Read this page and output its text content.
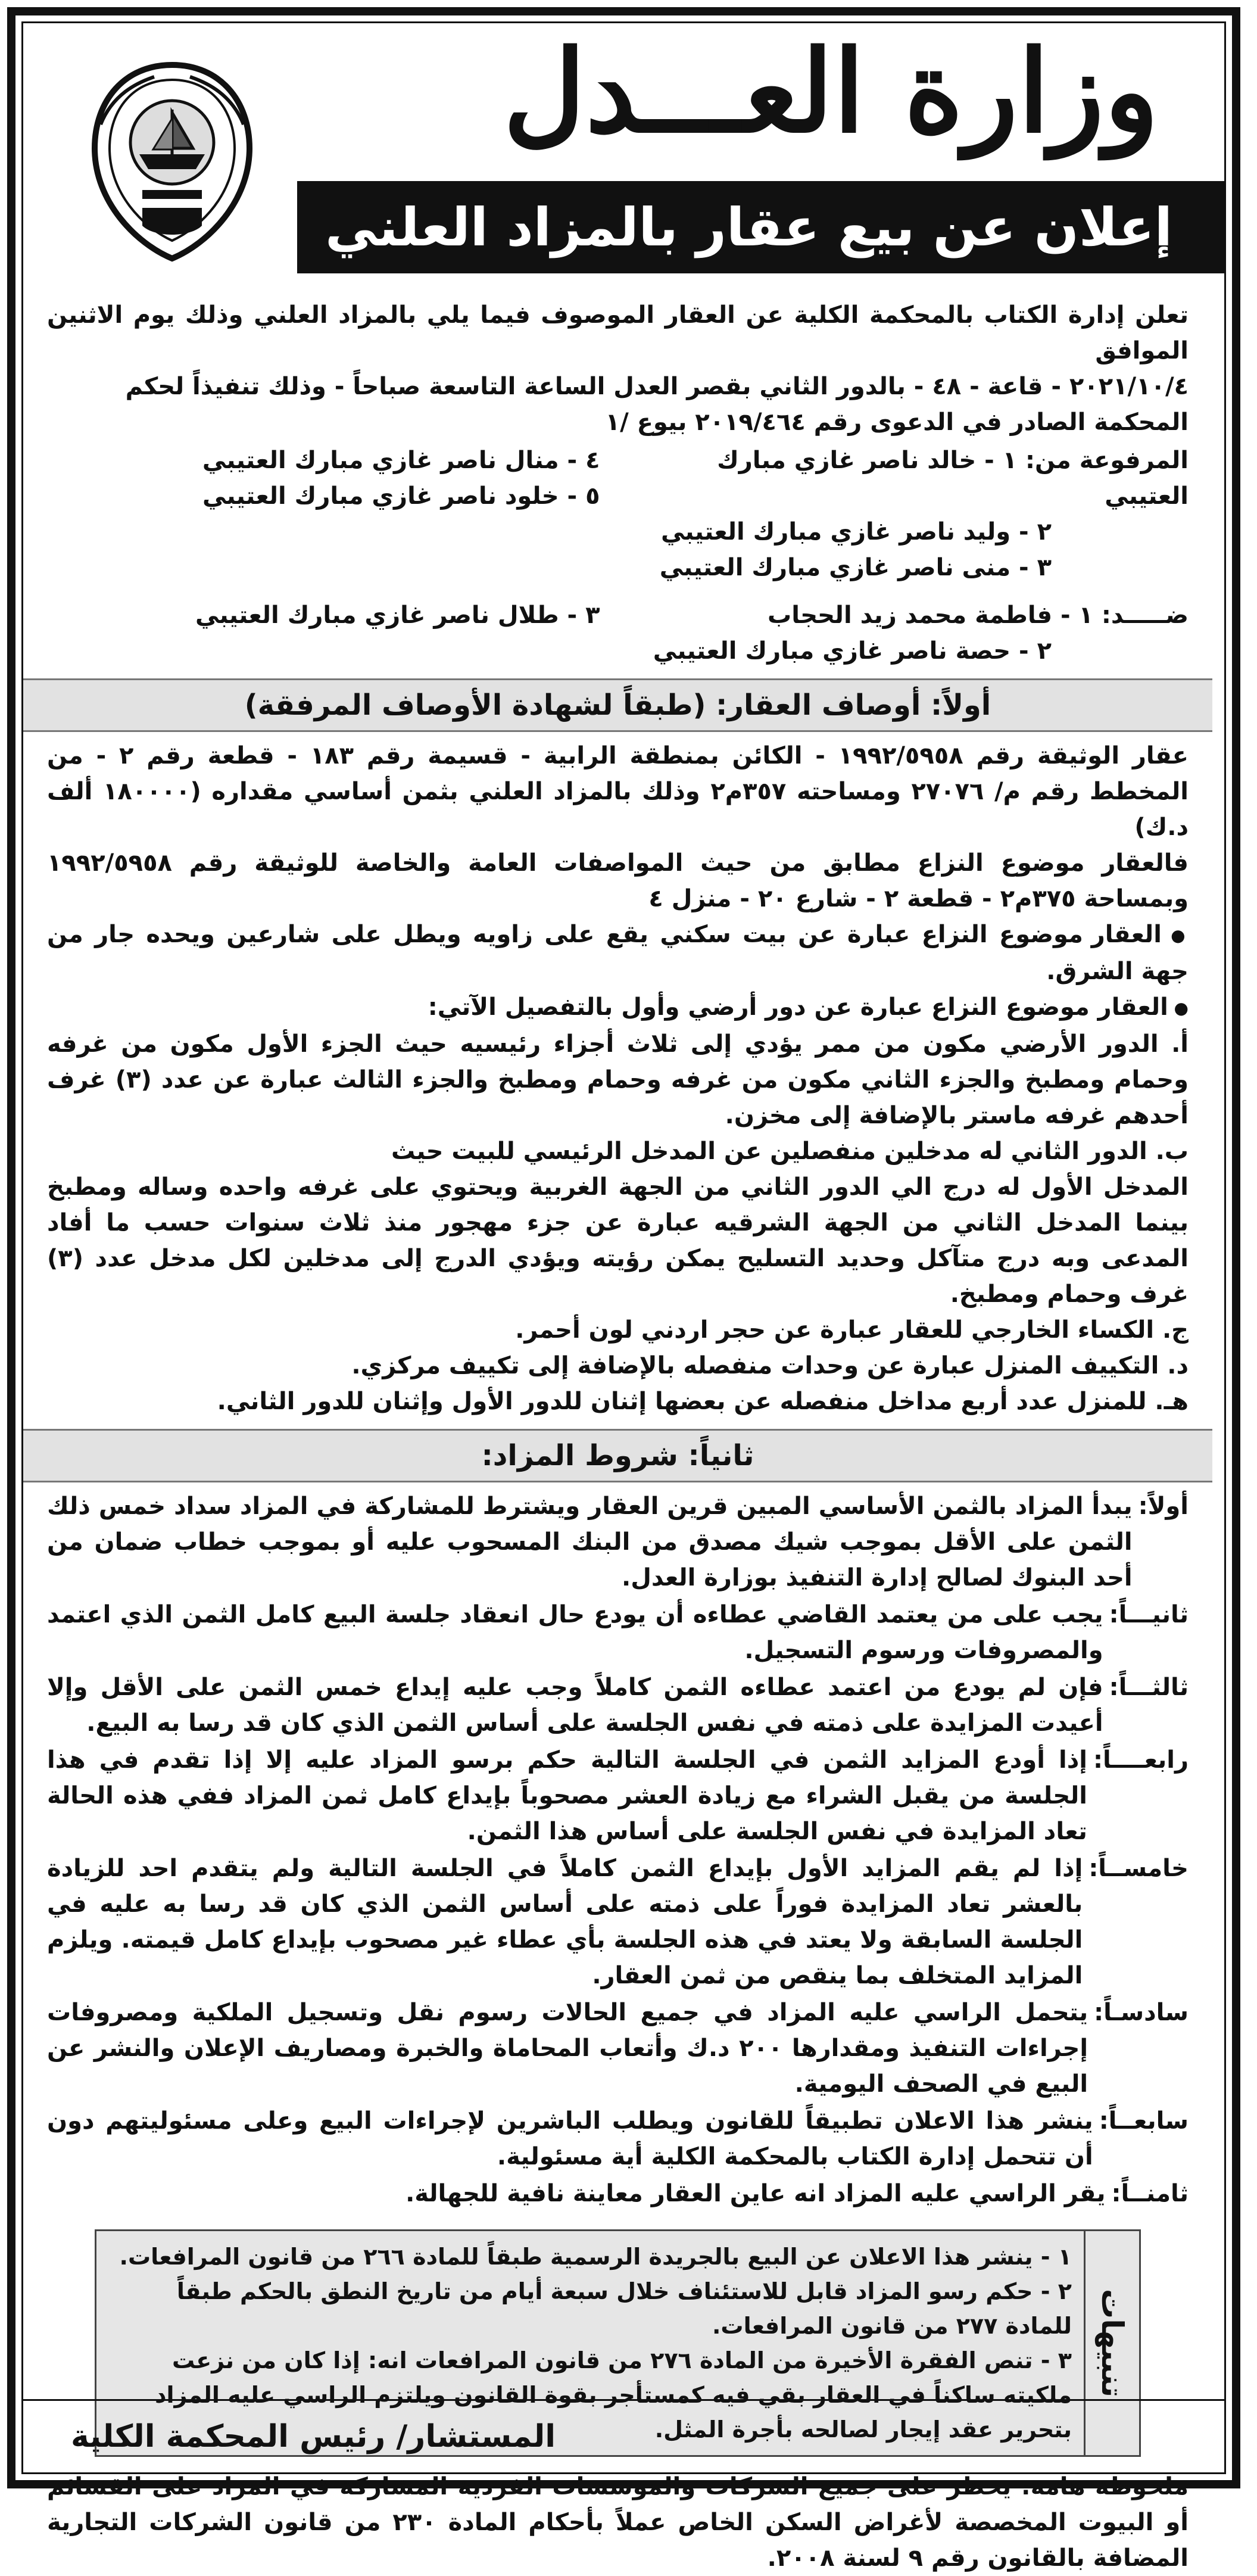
وزارة العـــدل
إعلان عن بيع عقار بالمزاد العلني

تعلن إدارة الكتاب بالمحكمة الكلية عن العقار الموصوف فيما يلي بالمزاد العلني وذلك يوم الاثنين الموافق

٢٠٢١/١٠/٤ - قاعة - ٤٨ - بالدور الثاني بقصر العدل الساعة التاسعة صباحاً - وذلك تنفيذاً لحكم

المحكمة الصادر في الدعوى رقم ٢٠١٩/٤٦٤ بيوع /١

المرفوعة من: ١ - خالد ناصر غازي مبارك العتيبي
٢ - وليد ناصر غازي مبارك العتيبي
٣ - منى ناصر غازي مبارك العتيبي
٤ - منال ناصر غازي مبارك العتيبي
٥ - خلود ناصر غازي مبارك العتيبي
ضـــــد: ١ - فاطمة محمد زيد الحجاب
٢ - حصة ناصر غازي مبارك العتيبي
٣ - طلال ناصر غازي مبارك العتيبي
أولاً: أوصاف العقار: (طبقاً لشهادة الأوصاف المرفقة)

عقار الوثيقة رقم ١٩٩٢/٥٩٥٨ - الكائن بمنطقة الرابية - قسيمة رقم ١٨٣ - قطعة رقم ٢ - من المخطط رقم م/ ٢٧٠٧٦ ومساحته ٣٥٧م٢ وذلك بالمزاد العلني بثمن أساسي مقداره (١٨٠٠٠٠ ألف د.ك)

فالعقار موضوع النزاع مطابق من حيث المواصفات العامة والخاصة للوثيقة رقم ١٩٩٢/٥٩٥٨ وبمساحة ٣٧٥م٢ - قطعة ٢ - شارع ٢٠ - منزل ٤

● العقار موضوع النزاع عبارة عن بيت سكني يقع على زاويه ويطل على شارعين ويحده جار من جهة الشرق.

● العقار موضوع النزاع عبارة عن دور أرضي وأول بالتفصيل الآتي:

أ. الدور الأرضي مكون من ممر يؤدي إلى ثلاث أجزاء رئيسيه حيث الجزء الأول مكون من غرفه وحمام ومطبخ والجزء الثاني مكون من غرفه وحمام ومطبخ والجزء الثالث عبارة عن عدد (٣) غرف أحدهم غرفه ماستر بالإضافة إلى مخزن.

ب. الدور الثاني له مدخلين منفصلين عن المدخل الرئيسي للبيت حيث

المدخل الأول له درج الي الدور الثاني من الجهة الغربية ويحتوي على غرفه واحده وساله ومطبخ بينما المدخل الثاني من الجهة الشرقيه عبارة عن جزء مهجور منذ ثلاث سنوات حسب ما أفاد المدعى وبه درج متآكل وحديد التسليح يمكن رؤيته ويؤدي الدرج إلى مدخلين لكل مدخل عدد (٣) غرف وحمام ومطبخ.

ج. الكساء الخارجي للعقار عبارة عن حجر اردني لون أحمر.

د. التكييف المنزل عبارة عن وحدات منفصله بالإضافة إلى تكييف مركزي.

هـ. للمنزل عدد أربع مداخل منفصله عن بعضها إثنان للدور الأول وإثنان للدور الثاني.

ثانياً: شروط المزاد:
أولاً:
يبدأ المزاد بالثمن الأساسي المبين قرين العقار ويشترط للمشاركة في المزاد سداد خمس ذلك الثمن على الأقل بموجب شيك مصدق من البنك المسحوب عليه أو بموجب خطاب ضمان من أحد البنوك لصالح إدارة التنفيذ بوزارة العدل.
ثانيـــاً:
يجب على من يعتمد القاضي عطاءه أن يودع حال انعقاد جلسة البيع كامل الثمن الذي اعتمد والمصروفات ورسوم التسجيل.
ثالثـــاً:
فإن لم يودع من اعتمد عطاءه الثمن كاملاً وجب عليه إيداع خمس الثمن على الأقل وإلا أعيدت المزايدة على ذمته في نفس الجلسة على أساس الثمن الذي كان قد رسا به البيع.
رابعــــاً:
إذا أودع المزايد الثمن في الجلسة التالية حكم برسو المزاد عليه إلا إذا تقدم في هذا الجلسة من يقبل الشراء مع زيادة العشر مصحوباً بإيداع كامل ثمن المزاد ففي هذه الحالة تعاد المزايدة في نفس الجلسة على أساس هذا الثمن.
خامســاً:
إذا لم يقم المزايد الأول بإيداع الثمن كاملاً في الجلسة التالية ولم يتقدم احد للزيادة بالعشر تعاد المزايدة فوراً على ذمته على أساس الثمن الذي كان قد رسا به عليه في الجلسة السابقة ولا يعتد في هذه الجلسة بأي عطاء غير مصحوب بإيداع كامل قيمته. ويلزم المزايد المتخلف بما ينقص من ثمن العقار.
سادسـاً:
يتحمل الراسي عليه المزاد في جميع الحالات رسوم نقل وتسجيل الملكية ومصروفات إجراءات التنفيذ ومقدارها ٢٠٠ د.ك وأتعاب المحاماة والخبرة ومصاريف الإعلان والنشر عن البيع في الصحف اليومية.
سابعــاً:
ينشر هذا الاعلان تطبيقاً للقانون ويطلب الباشرين لإجراءات البيع وعلى مسئوليتهم دون أن تتحمل إدارة الكتاب بالمحكمة الكلية أية مسئولية.
ثامنــاً:
يقر الراسي عليه المزاد انه عاين العقار معاينة نافية للجهالة.
تنبيهات
١ - ينشر هذا الاعلان عن البيع بالجريدة الرسمية طبقاً للمادة ٢٦٦ من قانون المرافعات.
٢ - حكم رسو المزاد قابل للاستئناف خلال سبعة أيام من تاريخ النطق بالحكم طبقاً للمادة ٢٧٧ من قانون المرافعات.
٣ - تنص الفقرة الأخيرة من المادة ٢٧٦ من قانون المرافعات انه: إذا كان من نزعت ملكيته ساكناً في العقار بقي فيه كمستأجر بقوة القانون ويلتزم الراسي عليه المزاد بتحرير عقد إيجار لصالحه بأجرة المثل.

ملحوظة هامة: يحظر على جميع الشركات والمؤسسات الفردية المشاركة في المزاد على القسائم أو البيوت المخصصة لأغراض السكن الخاص عملاً بأحكام المادة ٢٣٠ من قانون الشركات التجارية المضافة بالقانون رقم ٩ لسنة ٢٠٠٨.

المستشار/ رئيس المحكمة الكلية
